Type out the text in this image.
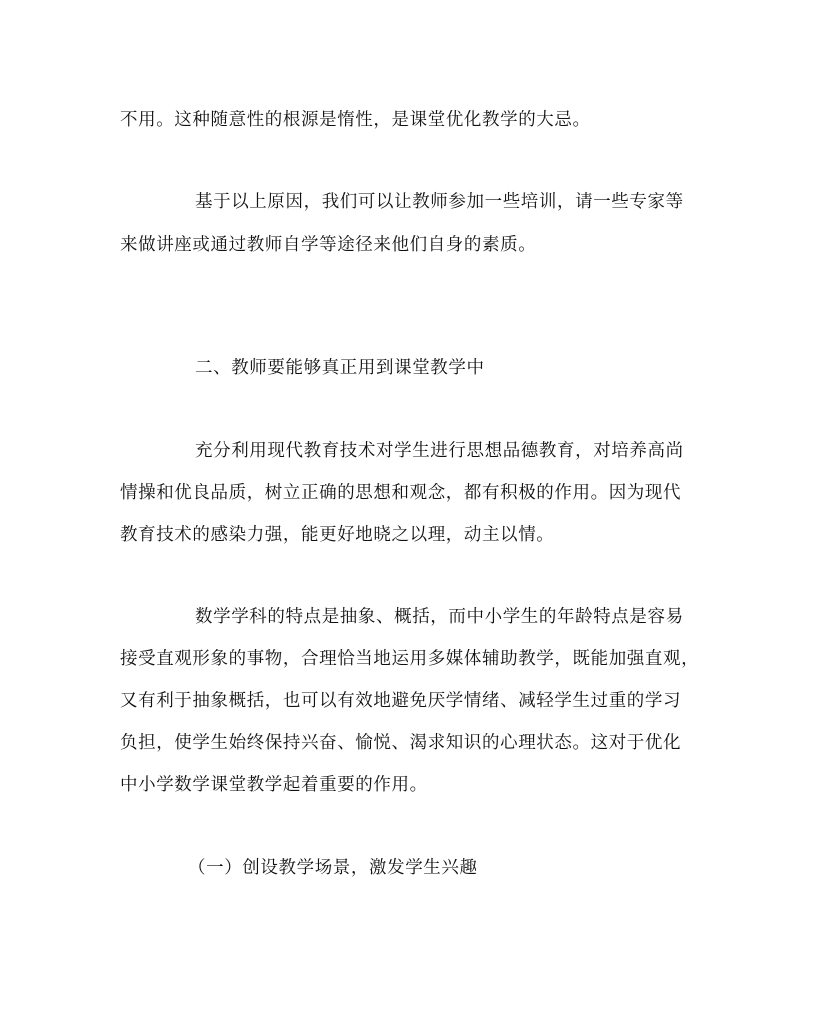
不用。这种随意性的根源是惰性，是课堂优化教学的大忌。
基于以上原因，我们可以让教师参加一些培训，请一些专家等
来做讲座或通过教师自学等途径来他们自身的素质。
二、教师要能够真正用到课堂教学中
充分利用现代教育技术对学生进行思想品德教育，对培养高尚
情操和优良品质，树立正确的思想和观念，都有积极的作用。因为现代
教育技术的感染力强，能更好地晓之以理，动主以情。
数学学科的特点是抽象、概括，而中小学生的年龄特点是容易
接受直观形象的事物，合理恰当地运用多媒体辅助教学，既能加强直观，
又有利于抽象概括，也可以有效地避免厌学情绪、减轻学生过重的学习
负担，使学生始终保持兴奋、愉悦、渴求知识的心理状态。这对于优化
中小学数学课堂教学起着重要的作用。
（一）创设教学场景，激发学生兴趣
